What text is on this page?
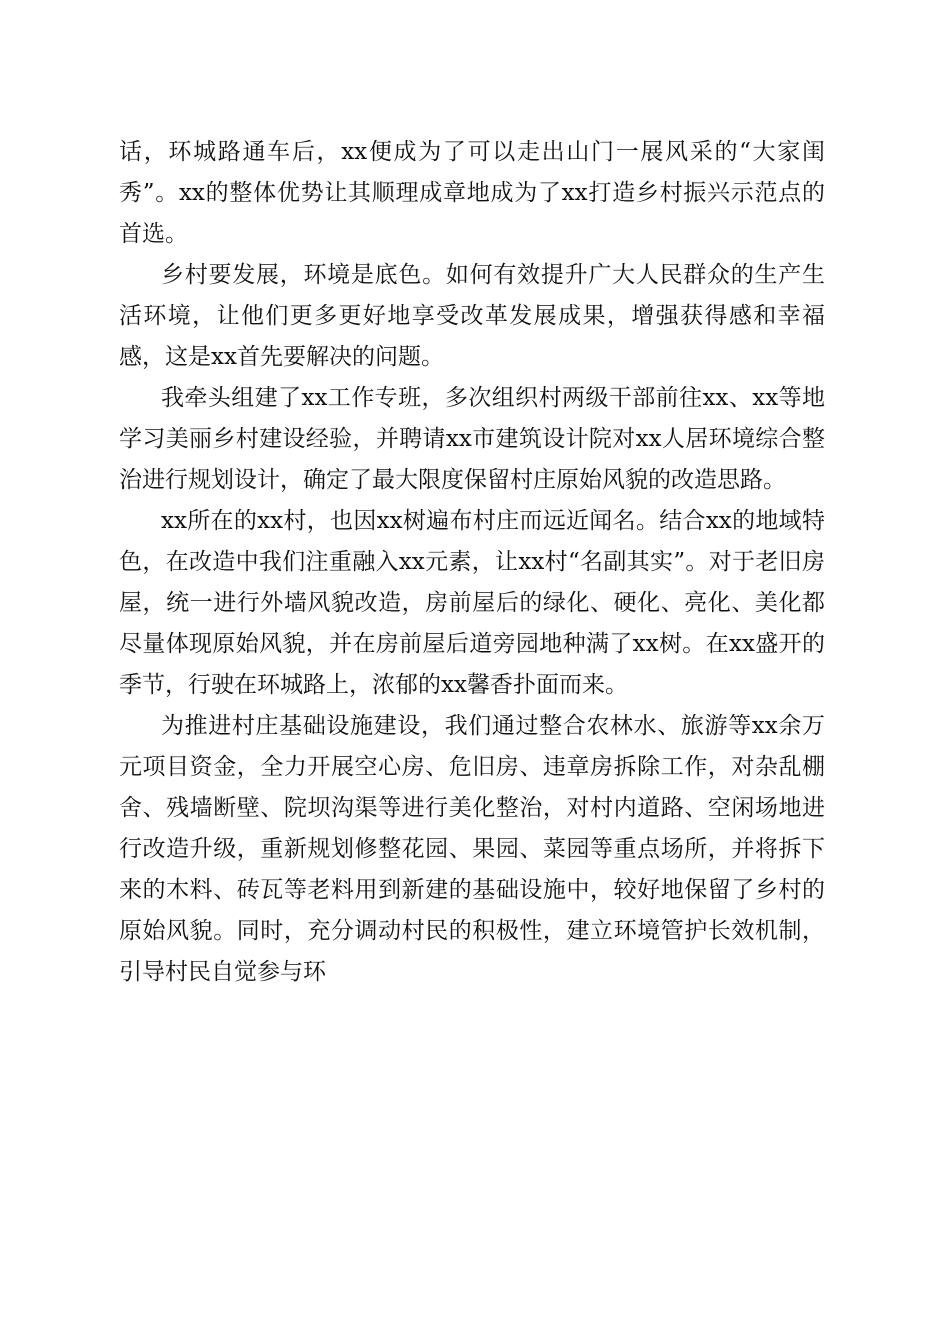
话，环城路通车后，xx便成为了可以走出山门一展风采的“大家闺秀”。xx的整体优势让其顺理成章地成为了xx打造乡村振兴示范点的首选。

乡村要发展，环境是底色。如何有效提升广大人民群众的生产生活环境，让他们更多更好地享受改革发展成果，增强获得感和幸福感，这是xx首先要解决的问题。

我牵头组建了xx工作专班，多次组织村两级干部前往xx、xx等地学习美丽乡村建设经验，并聘请xx市建筑设计院对xx人居环境综合整治进行规划设计，确定了最大限度保留村庄原始风貌的改造思路。

xx所在的xx村，也因xx树遍布村庄而远近闻名。结合xx的地域特色，在改造中我们注重融入xx元素，让xx村“名副其实”。对于老旧房屋，统一进行外墙风貌改造，房前屋后的绿化、硬化、亮化、美化都尽量体现原始风貌，并在房前屋后道旁园地种满了xx树。在xx盛开的季节，行驶在环城路上，浓郁的xx馨香扑面而来。

为推进村庄基础设施建设，我们通过整合农林水、旅游等xx余万元项目资金，全力开展空心房、危旧房、违章房拆除工作，对杂乱棚舍、残墙断壁、院坝沟渠等进行美化整治，对村内道路、空闲场地进行改造升级，重新规划修整花园、果园、菜园等重点场所，并将拆下来的木料、砖瓦等老料用到新建的基础设施中，较好地保留了乡村的原始风貌。同时，充分调动村民的积极性，建立环境管护长效机制，引导村民自觉参与环
